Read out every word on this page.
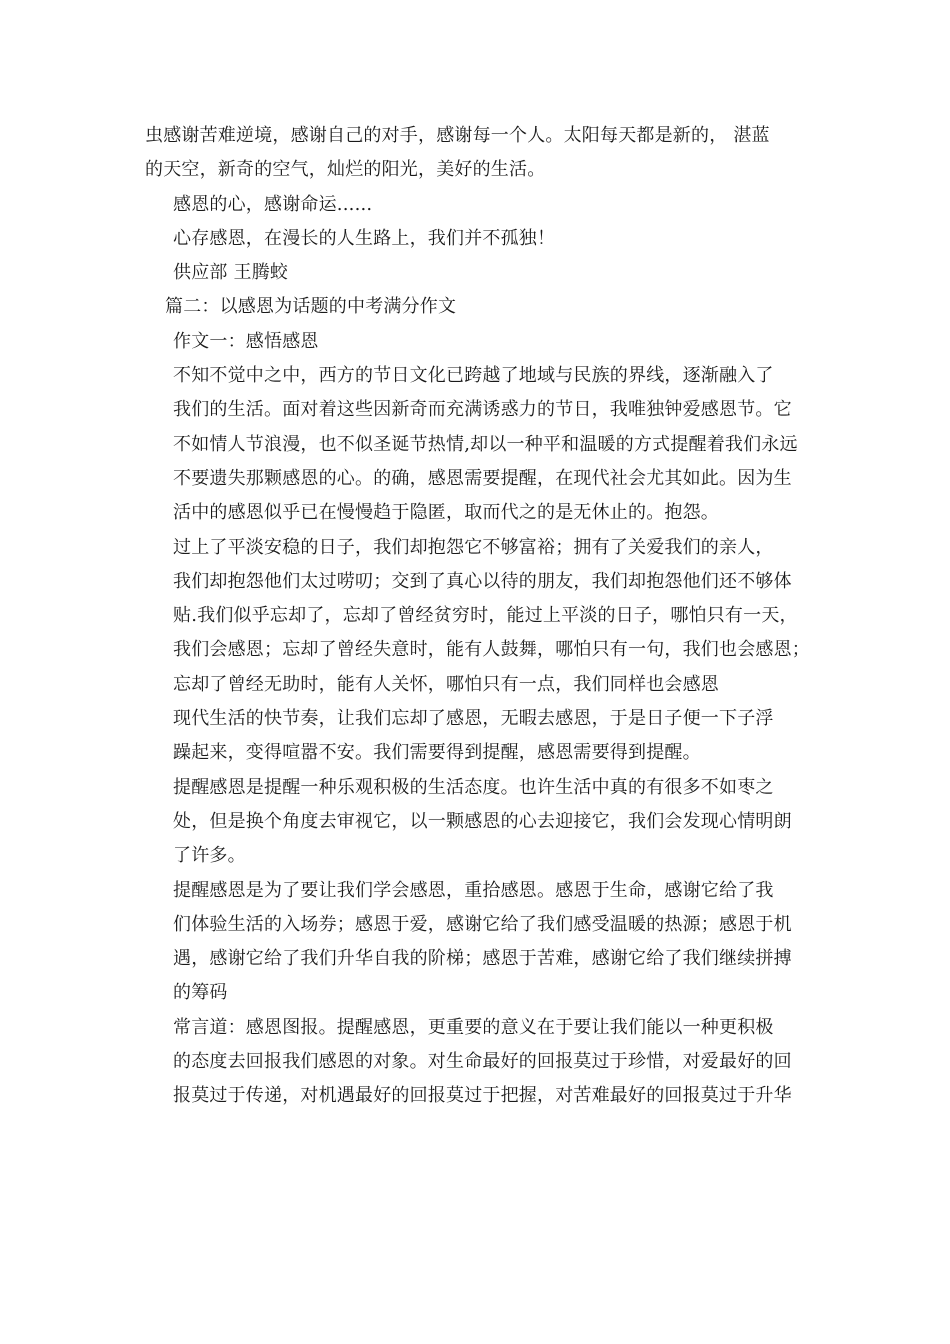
虫感谢苦难逆境，感谢自己的对手，感谢每一个人。太阳每天都是新的， 湛蓝
的天空，新奇的空气，灿烂的阳光，美好的生活。
感恩的心，感谢命运......
心存感恩，在漫长的人生路上，我们并不孤独！
供应部 王腾蛟
篇二：以感恩为话题的中考满分作文
作文一：感悟感恩
不知不觉中之中，西方的节日文化已跨越了地域与民族的界线，逐渐融入了
我们的生活。面对着这些因新奇而充满诱惑力的节日，我唯独钟爱感恩节。它
不如情人节浪漫，也不似圣诞节热情,却以一种平和温暖的方式提醒着我们永远
不要遗失那颗感恩的心。的确，感恩需要提醒，在现代社会尤其如此。因为生
活中的感恩似乎已在慢慢趋于隐匿，取而代之的是无休止的。抱怨。
过上了平淡安稳的日子，我们却抱怨它不够富裕；拥有了关爱我们的亲人，
我们却抱怨他们太过唠叨；交到了真心以待的朋友，我们却抱怨他们还不够体
贴.我们似乎忘却了，忘却了曾经贫穷时，能过上平淡的日子，哪怕只有一天，
我们会感恩；忘却了曾经失意时，能有人鼓舞，哪怕只有一句，我们也会感恩；
忘却了曾经无助时，能有人关怀，哪怕只有一点，我们同样也会感恩
现代生活的快节奏，让我们忘却了感恩，无暇去感恩，于是日子便一下子浮
躁起来，变得喧嚣不安。我们需要得到提醒，感恩需要得到提醒。
提醒感恩是提醒一种乐观积极的生活态度。也许生活中真的有很多不如枣之
处，但是换个角度去审视它，以一颗感恩的心去迎接它，我们会发现心情明朗
了许多。
提醒感恩是为了要让我们学会感恩，重拾感恩。感恩于生命，感谢它给了我
们体验生活的入场券；感恩于爱，感谢它给了我们感受温暖的热源；感恩于机
遇，感谢它给了我们升华自我的阶梯；感恩于苦难，感谢它给了我们继续拼搏
的筹码
常言道：感恩图报。提醒感恩，更重要的意义在于要让我们能以一种更积极
的态度去回报我们感恩的对象。对生命最好的回报莫过于珍惜，对爱最好的回
报莫过于传递，对机遇最好的回报莫过于把握，对苦难最好的回报莫过于升华
